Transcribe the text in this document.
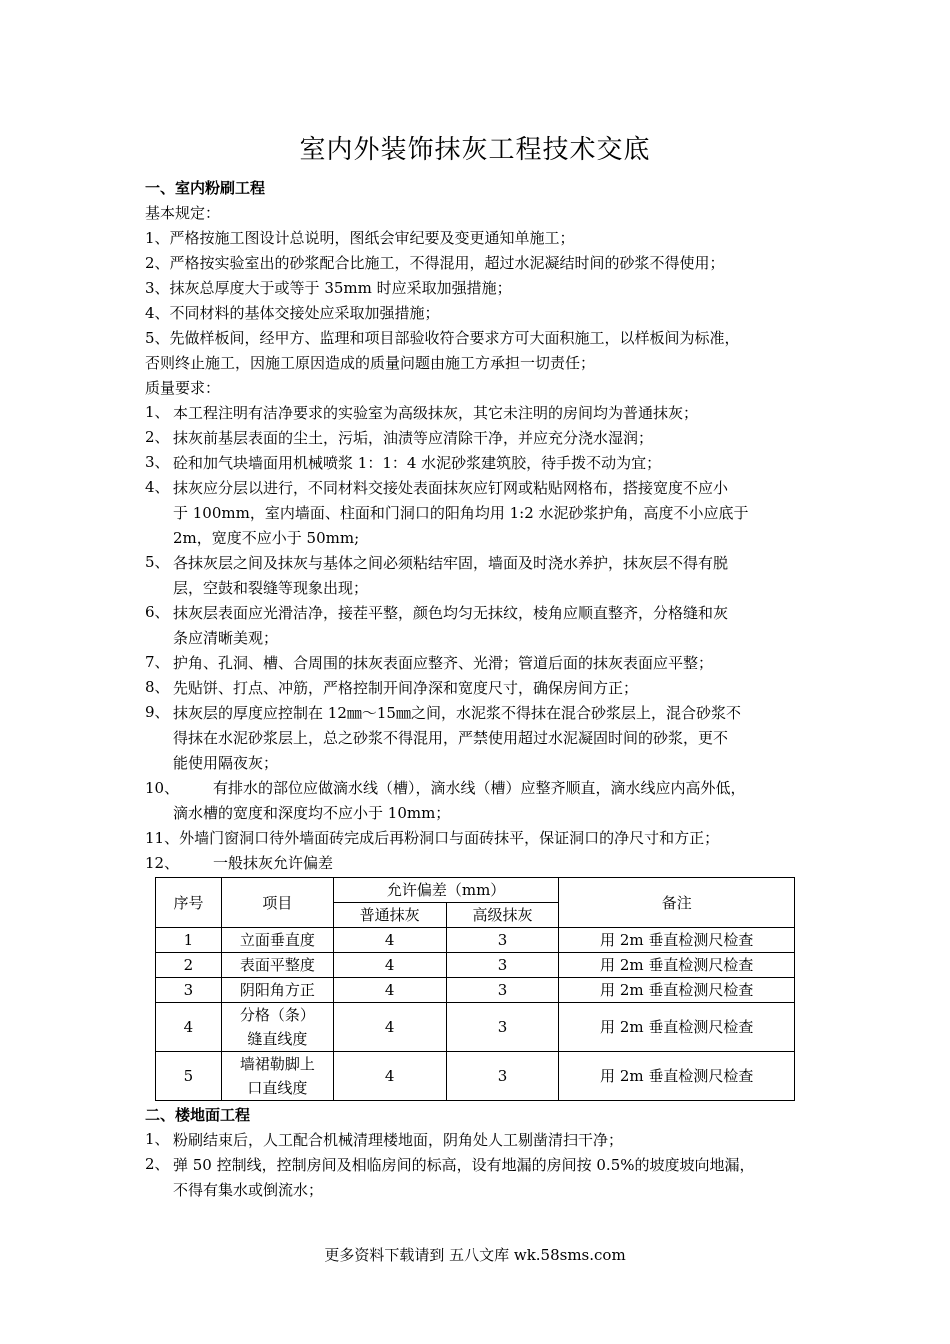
室内外装饰抹灰工程技术交底
一、室内粉刷工程
基本规定：
1、严格按施工图设计总说明，图纸会审纪要及变更通知单施工；
2、严格按实验室出的砂浆配合比施工，不得混用，超过水泥凝结时间的砂浆不得使用；
3、抹灰总厚度大于或等于 35mm 时应采取加强措施；
4、不同材料的基体交接处应采取加强措施；
5、先做样板间，经甲方、监理和项目部验收符合要求方可大面积施工，以样板间为标准，
否则终止施工，因施工原因造成的质量问题由施工方承担一切责任；
质量要求：
1、 本工程注明有洁净要求的实验室为高级抹灰，其它未注明的房间均为普通抹灰；
2、 抹灰前基层表面的尘土，污垢，油渍等应清除干净，并应充分浇水湿润；
3、 砼和加气块墙面用机械喷浆 1：1：4 水泥砂浆建筑胶，待手拨不动为宜；
4、 抹灰应分层以进行，不同材料交接处表面抹灰应钉网或粘贴网格布，搭接宽度不应小
于 100mm，室内墙面、柱面和门洞口的阳角均用 1:2 水泥砂浆护角，高度不小应底于
2m，宽度不应小于 50mm;
5、 各抹灰层之间及抹灰与基体之间必须粘结牢固，墙面及时浇水养护，抹灰层不得有脱
层，空鼓和裂缝等现象出现；
6、 抹灰层表面应光滑洁净，接茬平整，颜色均匀无抹纹，棱角应顺直整齐，分格缝和灰
条应清晰美观；
7、 护角、孔洞、槽、合周围的抹灰表面应整齐、光滑；管道后面的抹灰表面应平整；
8、 先贴饼、打点、冲筋，严格控制开间净深和宽度尺寸，确保房间方正；
9、 抹灰层的厚度应控制在 12㎜～15㎜之间，水泥浆不得抹在混合砂浆层上，混合砂浆不
得抹在水泥砂浆层上，总之砂浆不得混用，严禁使用超过水泥凝固时间的砂浆，更不
能使用隔夜灰；
10、 有排水的部位应做滴水线（槽），滴水线（槽）应整齐顺直，滴水线应内高外低，
滴水槽的宽度和深度均不应小于 10mm；
11、外墙门窗洞口待外墙面砖完成后再粉洞口与面砖抹平，保证洞口的净尺寸和方正；
12、 一般抹灰允许偏差
序号	项目	允许偏差（mm）		备注
		普通抹灰	高级抹灰	
1	立面垂直度	4	3	用 2m 垂直检测尺检查
2	表面平整度	4	3	用 2m 垂直检测尺检查
3	阴阳角方正	4	3	用 2m 垂直检测尺检查
4	分格（条）
缝直线度	4	3	用 2m 垂直检测尺检查
5	墙裙勒脚上
口直线度	4	3	用 2m 垂直检测尺检查
二、楼地面工程
1、 粉刷结束后，人工配合机械清理楼地面，阴角处人工剔凿清扫干净；
2、 弹 50 控制线，控制房间及相临房间的标高，设有地漏的房间按 0.5%的坡度坡向地漏，
不得有集水或倒流水；
更多资料下载请到 五八文库 wk.58sms.com
